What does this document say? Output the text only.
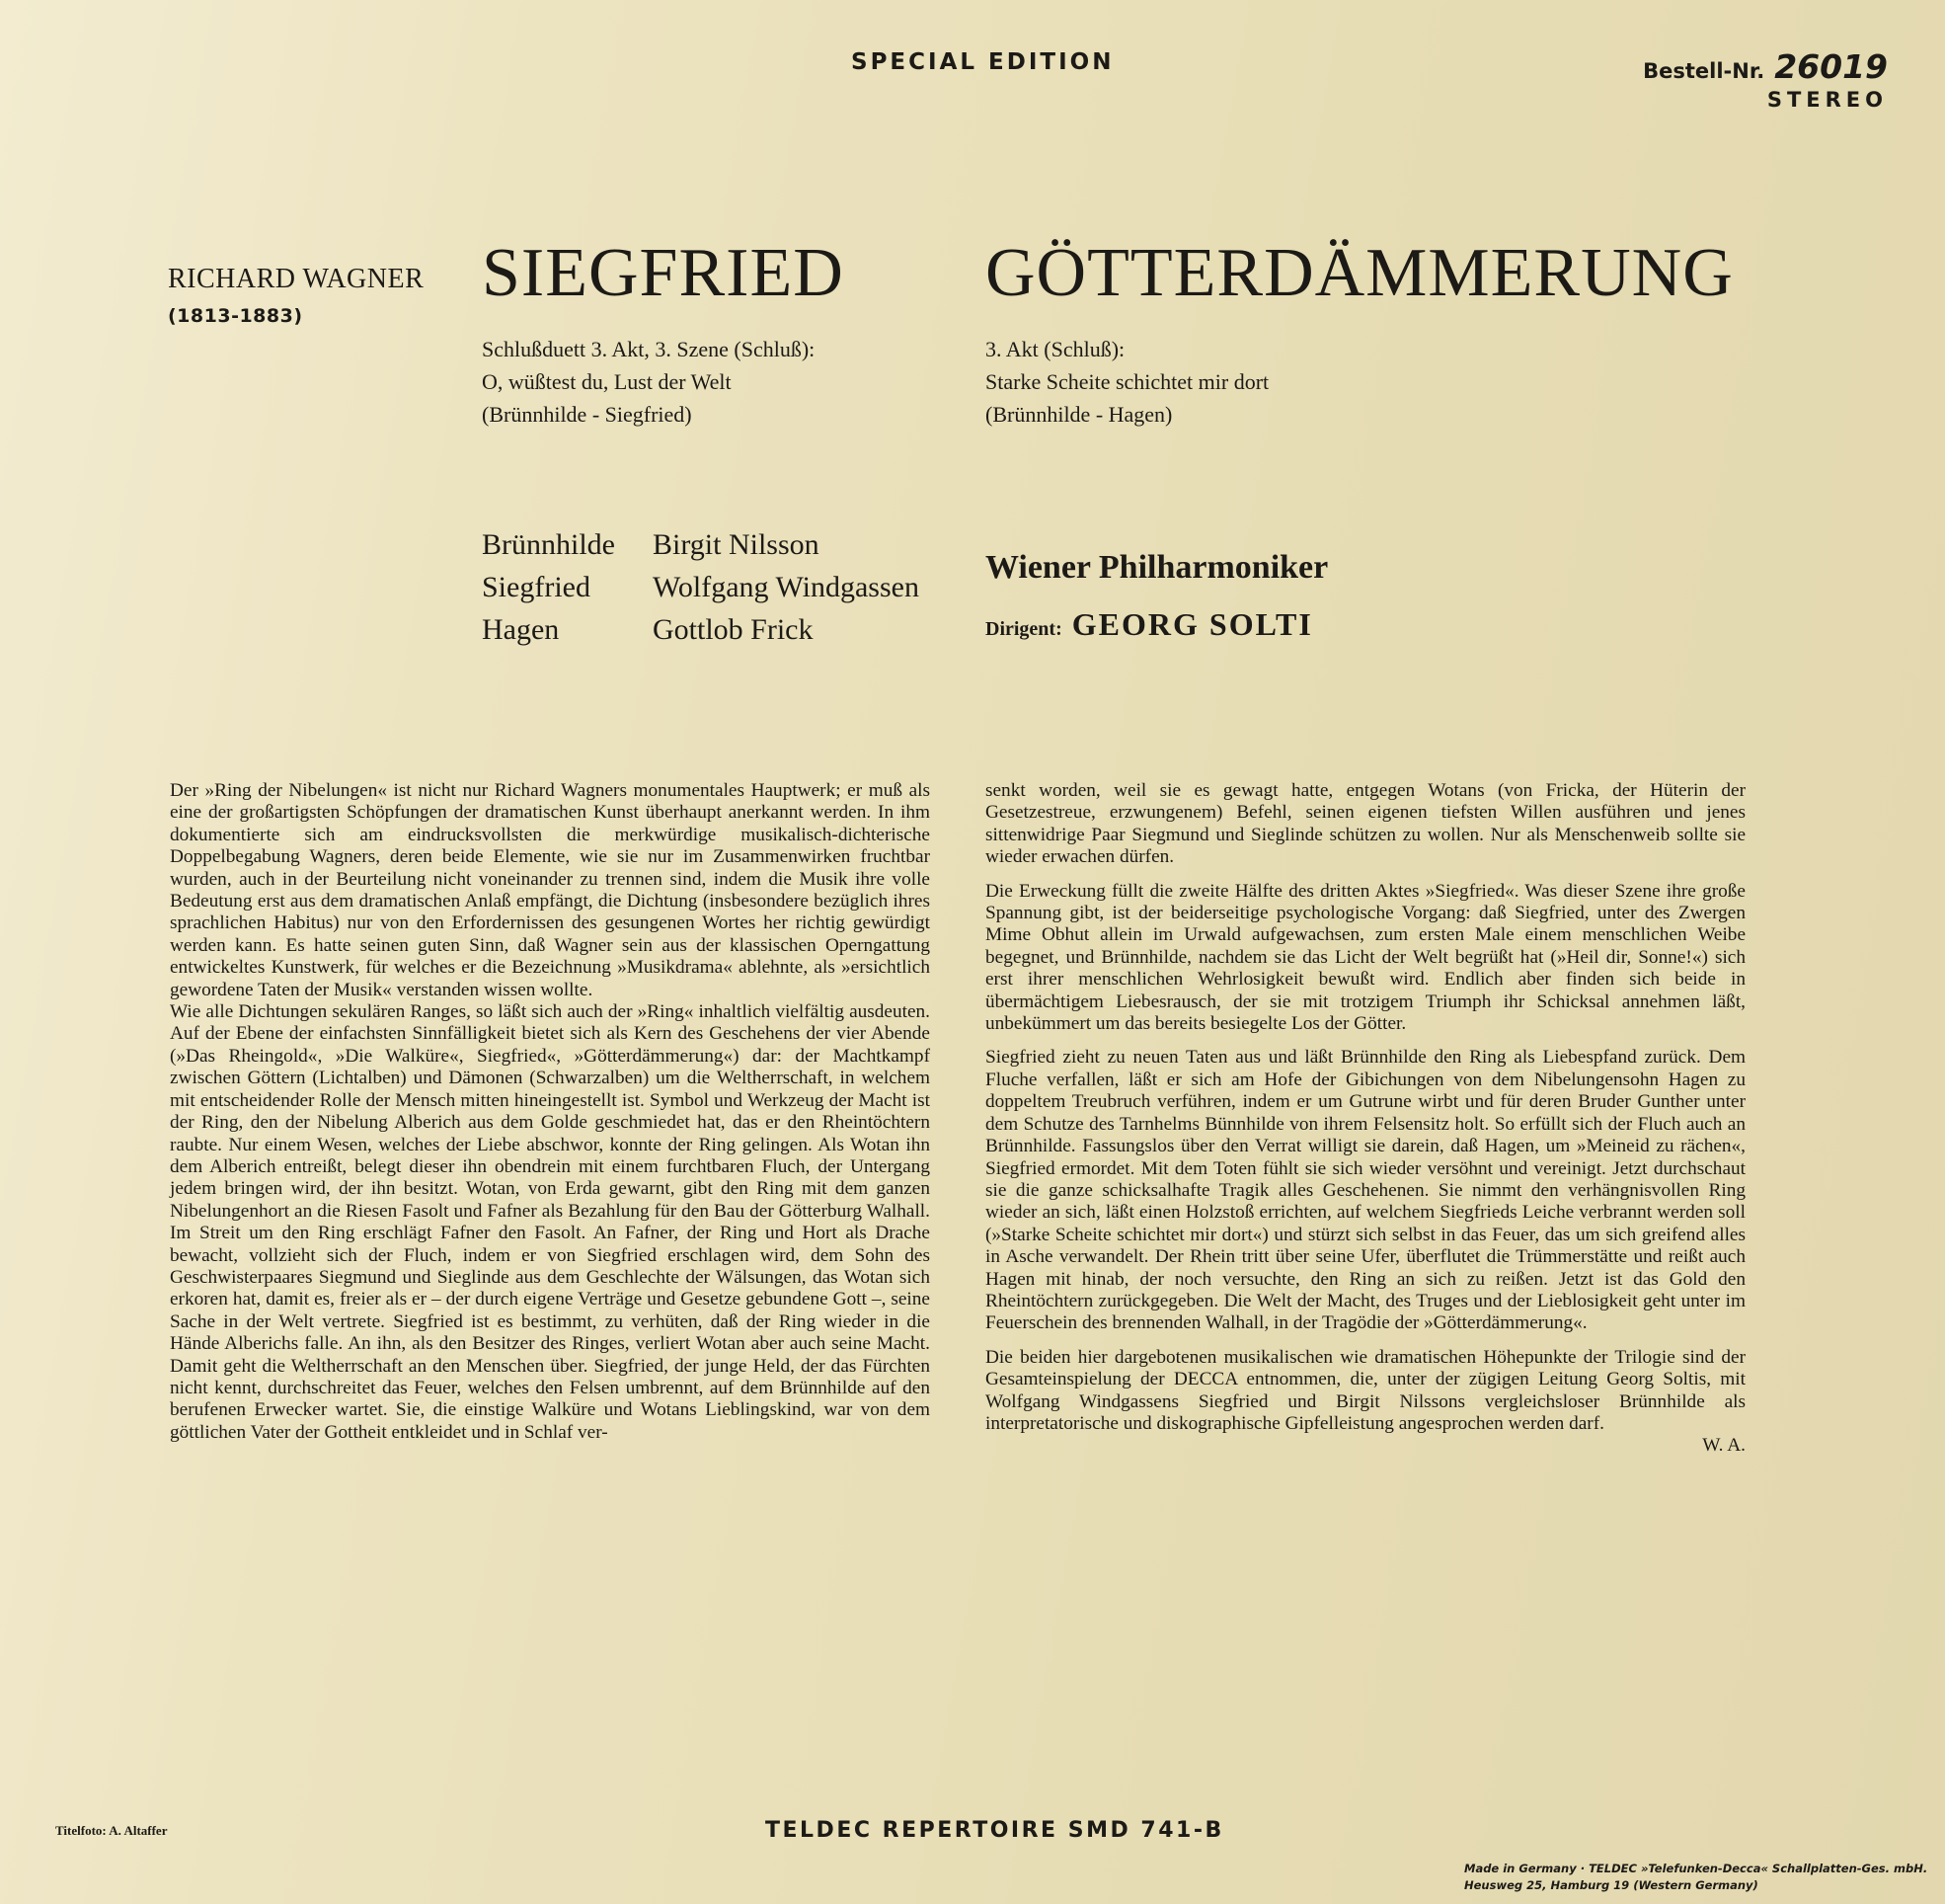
SPECIAL EDITION	Bestell-Nr. 26019
STEREO
RICHARD WAGNER
(1813-1883)
SIEGFRIED
Schlußduett 3. Akt, 3. Szene (Schluß):
O, wüßtest du, Lust der Welt
(Brünnhilde - Siegfried)
GÖTTERDÄMMERUNG
3. Akt (Schluß):
Starke Scheite schichtet mir dort
(Brünnhilde - Hagen)
Brünnhilde	Birgit Nilsson
Siegfried	Wolfgang Windgassen
Hagen	Gottlob Frick
Wiener Philharmoniker
Dirigent: GEORG SOLTI

Der »Ring der Nibelungen« ist nicht nur Richard Wagners monumentales Hauptwerk; er muß als eine der großartigsten Schöpfungen der dramatischen Kunst überhaupt anerkannt werden. In ihm dokumentierte sich am eindrucksvollsten die merkwürdige musikalisch-dichterische Doppelbegabung Wagners, deren beide Elemente, wie sie nur im Zusammenwirken fruchtbar wurden, auch in der Beurteilung nicht voneinander zu trennen sind, indem die Musik ihre volle Bedeutung erst aus dem dramatischen Anlaß empfängt, die Dichtung (insbesondere bezüglich ihres sprachlichen Habitus) nur von den Erfordernissen des gesungenen Wortes her richtig gewürdigt werden kann. Es hatte seinen guten Sinn, daß Wagner sein aus der klassischen Operngattung entwickeltes Kunstwerk, für welches er die Bezeichnung »Musikdrama« ablehnte, als »ersichtlich gewordene Taten der Musik« verstanden wissen wollte.

Wie alle Dichtungen sekulären Ranges, so läßt sich auch der »Ring« inhaltlich vielfältig ausdeuten. Auf der Ebene der einfachsten Sinnfälligkeit bietet sich als Kern des Geschehens der vier Abende (»Das Rheingold«, »Die Walküre«, Siegfried«, »Götterdämmerung«) dar: der Machtkampf zwischen Göttern (Lichtalben) und Dämonen (Schwarzalben) um die Weltherrschaft, in welchem mit entscheidender Rolle der Mensch mitten hineingestellt ist. Symbol und Werkzeug der Macht ist der Ring, den der Nibelung Alberich aus dem Golde geschmiedet hat, das er den Rheintöchtern raubte. Nur einem Wesen, welches der Liebe abschwor, konnte der Ring gelingen. Als Wotan ihn dem Alberich entreißt, belegt dieser ihn obendrein mit einem furchtbaren Fluch, der Untergang jedem bringen wird, der ihn besitzt. Wotan, von Erda gewarnt, gibt den Ring mit dem ganzen Nibelungenhort an die Riesen Fasolt und Fafner als Bezahlung für den Bau der Götterburg Walhall. Im Streit um den Ring erschlägt Fafner den Fasolt. An Fafner, der Ring und Hort als Drache bewacht, vollzieht sich der Fluch, indem er von Siegfried erschlagen wird, dem Sohn des Geschwisterpaares Siegmund und Sieglinde aus dem Geschlechte der Wälsungen, das Wotan sich erkoren hat, damit es, freier als er – der durch eigene Verträge und Gesetze gebundene Gott –, seine Sache in der Welt vertrete. Siegfried ist es bestimmt, zu verhüten, daß der Ring wieder in die Hände Alberichs falle. An ihn, als den Besitzer des Ringes, verliert Wotan aber auch seine Macht. Damit geht die Weltherrschaft an den Menschen über. Siegfried, der junge Held, der das Fürchten nicht kennt, durchschreitet das Feuer, welches den Felsen umbrennt, auf dem Brünnhilde auf den berufenen Erwecker wartet. Sie, die einstige Walküre und Wotans Lieblingskind, war von dem göttlichen Vater der Gottheit entkleidet und in Schlaf ver-

senkt worden, weil sie es gewagt hatte, entgegen Wotans (von Fricka, der Hüterin der Gesetzestreue, erzwungenem) Befehl, seinen eigenen tiefsten Willen ausführen und jenes sittenwidrige Paar Siegmund und Sieglinde schützen zu wollen. Nur als Menschenweib sollte sie wieder erwachen dürfen.

Die Erweckung füllt die zweite Hälfte des dritten Aktes »Siegfried«. Was dieser Szene ihre große Spannung gibt, ist der beiderseitige psychologische Vorgang: daß Siegfried, unter des Zwergen Mime Obhut allein im Urwald aufgewachsen, zum ersten Male einem menschlichen Weibe begegnet, und Brünnhilde, nachdem sie das Licht der Welt begrüßt hat (»Heil dir, Sonne!«) sich erst ihrer menschlichen Wehrlosigkeit bewußt wird. Endlich aber finden sich beide in übermächtigem Liebesrausch, der sie mit trotzigem Triumph ihr Schicksal annehmen läßt, unbekümmert um das bereits besiegelte Los der Götter.

Siegfried zieht zu neuen Taten aus und läßt Brünnhilde den Ring als Liebespfand zurück. Dem Fluche verfallen, läßt er sich am Hofe der Gibichungen von dem Nibelungensohn Hagen zu doppeltem Treubruch verführen, indem er um Gutrune wirbt und für deren Bruder Gunther unter dem Schutze des Tarnhelms Bünnhilde von ihrem Felsensitz holt. So erfüllt sich der Fluch auch an Brünnhilde. Fassungslos über den Verrat willigt sie darein, daß Hagen, um »Meineid zu rächen«, Siegfried ermordet. Mit dem Toten fühlt sie sich wieder versöhnt und vereinigt. Jetzt durchschaut sie die ganze schicksalhafte Tragik alles Geschehenen. Sie nimmt den verhängnisvollen Ring wieder an sich, läßt einen Holzstoß errichten, auf welchem Siegfrieds Leiche verbrannt werden soll (»Starke Scheite schichtet mir dort«) und stürzt sich selbst in das Feuer, das um sich greifend alles in Asche verwandelt. Der Rhein tritt über seine Ufer, überflutet die Trümmerstätte und reißt auch Hagen mit hinab, der noch versuchte, den Ring an sich zu reißen. Jetzt ist das Gold den Rheintöchtern zurückgegeben. Die Welt der Macht, des Truges und der Lieblosigkeit geht unter im Feuerschein des brennenden Walhall, in der Tragödie der »Götterdämmerung«.

Die beiden hier dargebotenen musikalischen wie dramatischen Höhepunkte der Trilogie sind der Gesamteinspielung der DECCA entnommen, die, unter der zügigen Leitung Georg Soltis, mit Wolfgang Windgassens Siegfried und Birgit Nilssons vergleichsloser Brünnhilde als interpretatorische und diskographische Gipfelleistung angesprochen werden darf.

W. A.
Titelfoto: A. Altaffer	TELDEC REPERTOIRE SMD 741-B
Made in Germany · TELDEC »Telefunken-Decca« Schallplatten-Ges. mbH.
Heusweg 25, Hamburg 19 (Western Germany)
